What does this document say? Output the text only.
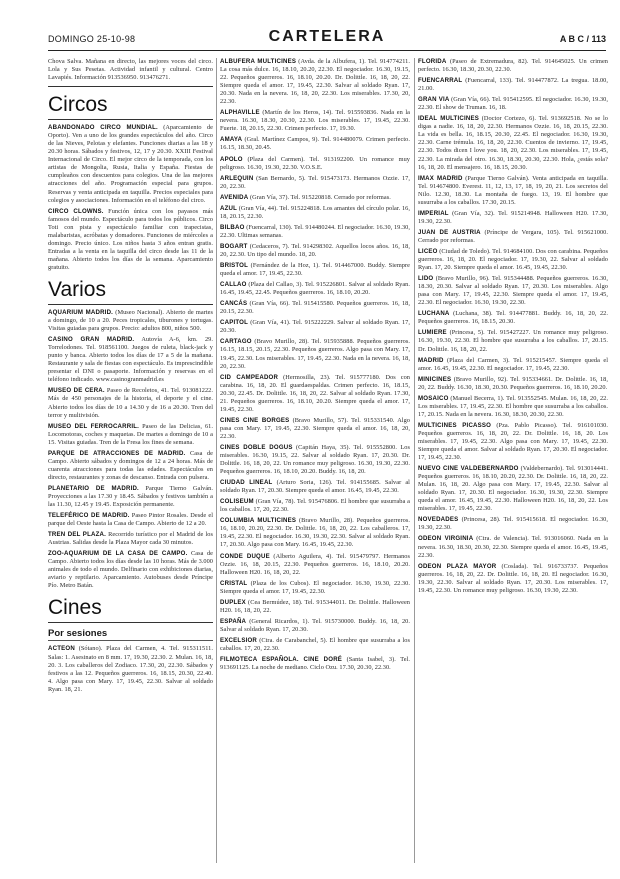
DOMINGO 25-10-98	CARTELERA	A B C / 113

Chova Salva. Mañana en directo, las mejores voces del circo. Lola y Sus Pesetas. Actividad infantil y cultural. Centro Lavapiés. Información 913536950. 913476271.

Circos

ABANDONADO CIRCO MUNDIAL. (Aparcamiento de Oporto). Ven a uno de los grandes espectáculos del año. Circo de las Nieves, Pelotas y elefantes. Funciones diarias a las 18 y 20.30 horas. Sábados y festivos, 12, 17 y 20.30. XXIII Festival Internacional de Circo. El mejor circo de la temporada, con los artistas de Mongolia, Rusia, Italia y España. Fiestas de cumpleaños con descuentos para colegios. Una de las mejores atracciones del año. Programación especial para grupos. Reservas y venta anticipada en taquilla. Precios especiales para colegios y asociaciones. Información en el teléfono del circo.

CIRCO CLOWNS. Función única con los payasos más famosos del mundo. Espectáculo para todos los públicos. Circo Toti con pista y espectáculo familiar con trapecistas, malabaristas, acróbatas y domadores. Funciones de miércoles a domingo. Precio único. Los niños hasta 3 años entran gratis. Entradas a la venta en la taquilla del circo desde las 11 de la mañana. Abierto todos los días de la semana. Aparcamiento gratuito.

Varios

AQUARIUM MADRID. (Museo Nacional). Abierto de martes a domingo, de 10 a 20. Peces tropicales, tiburones y tortugas. Visitas guiadas para grupos. Precio: adultos 800, niños 500.

CASINO GRAN MADRID. Autovía A-6, km. 29. Torrelodones. Tel. 918561100. Juegos de ruleta, black-jack y punto y banca. Abierto todos los días de 17 a 5 de la mañana. Restaurante y sala de fiestas con espectáculo. Es imprescindible presentar el DNI o pasaporte. Información y reservas en el teléfono indicado. www.casinogranmadrid.es

MUSEO DE CERA. Paseo de Recoletos, 41. Tel. 913081222. Más de 450 personajes de la historia, el deporte y el cine. Abierto todos los días de 10 a 14.30 y de 16 a 20.30. Tren del terror y multivisión.

MUSEO DEL FERROCARRIL. Paseo de las Delicias, 61. Locomotoras, coches y maquetas. De martes a domingo de 10 a 15. Visitas guiadas. Tren de la Fresa los fines de semana.

PARQUE DE ATRACCIONES DE MADRID. Casa de Campo. Abierto sábados y domingos de 12 a 24 horas. Más de cuarenta atracciones para todas las edades. Espectáculos en directo, restaurantes y zonas de descanso. Entrada con pulsera.

PLANETARIO DE MADRID. Parque Tierno Galván. Proyecciones a las 17.30 y 18.45. Sábados y festivos también a las 11.30, 12.45 y 19.45. Exposición permanente.

TELEFÉRICO DE MADRID. Paseo Pintor Rosales. Desde el parque del Oeste hasta la Casa de Campo. Abierto de 12 a 20.

TREN DEL PLAZA. Recorrido turístico por el Madrid de los Austrias. Salidas desde la Plaza Mayor cada 30 minutos.

ZOO-AQUARIUM DE LA CASA DE CAMPO. Casa de Campo. Abierto todos los días desde las 10 horas. Más de 3.000 animales de todo el mundo. Delfinario con exhibiciones diarias, aviario y reptilario. Aparcamiento. Autobuses desde Príncipe Pío. Metro Batán.

Cines
Por sesiones

ACTEON (Sótano). Plaza del Carmen, 4. Tel. 915311511. Salas: 1. Asesinato en 8 mm. 17, 19.30, 22.30. 2. Mulan. 16, 18, 20. 3. Los caballeros del Zodiaco. 17.30, 20, 22.30. Sábados y festivos a las 12. Pequeños guerreros. 16, 18.15, 20.30, 22.40. 4. Algo pasa con Mary. 17, 19.45, 22.30. Salvar al soldado Ryan. 18, 21.

ALBUFERA MULTICINES (Avda. de la Albufera, 1). Tel. 914774211. La cosa más dulce. 16, 18.10, 20.20, 22.30. El negociador. 16.30, 19.15, 22. Pequeños guerreros. 16, 18.10, 20.20. Dr. Dolittle. 16, 18, 20, 22. Siempre queda el amor. 17, 19.45, 22.30. Salvar al soldado Ryan. 17, 20.30. Nada en la nevera. 16, 18, 20, 22.30. Los miserables. 17.30, 20, 22.30.

ALPHAVILLE (Martín de los Heros, 14). Tel. 915593836. Nada en la nevera. 16.30, 18.30, 20.30, 22.30. Los miserables. 17, 19.45, 22.30. Fuerte. 18, 20.15, 22.30. Crimen perfecto. 17, 19.30.

AMAYA (Gral. Martínez Campos, 9). Tel. 914480079. Crimen perfecto. 16.15, 18.30, 20.45.

APOLO (Plaza del Carmen). Tel. 913192200. Un romance muy peligroso. 16.30, 19.30, 22.30. V.O.S.E.

ARLEQUIN (San Bernardo, 5). Tel. 915473173. Hermanos Ozzie. 17, 20, 22.30.

AVENIDA (Gran Vía, 37). Tel. 915220818. Cerrado por reformas.

AZUL (Gran Vía, 44). Tel. 915224818. Los amantes del círculo polar. 16, 18, 20.15, 22.30.

BILBAO (Fuencarral, 130). Tel. 914480244. El negociador. 16.30, 19.30, 22.30. Ultimas semanas.

BOGART (Cedaceros, 7). Tel. 914298302. Aquellos locos años. 16, 18, 20, 22.30. Un tipo del mundo. 18, 20.

BRISTOL (Fernández de la Hoz, 1). Tel. 914467000. Buddy. Siempre queda el amor. 17, 19.45, 22.30.

CALLAO (Plaza del Callao, 3). Tel. 915226801. Salvar al soldado Ryan. 16.45, 19.45, 22.45. Pequeños guerreros. 16, 18.10, 20.20.

CANCÁS (Gran Vía, 66). Tel. 915415580. Pequeños guerreros. 16, 18, 20.15, 22.30.

CAPITOL (Gran Vía, 41). Tel. 915222229. Salvar al soldado Ryan. 17, 20.30.

CARTAGO (Bravo Murillo, 28). Tel. 915935888. Pequeños guerreros. 16.15, 18.15, 20.15, 22.30. Pequeños guerreros. Algo pasa con Mary. 17, 19.45, 22.30. Los miserables. 17, 19.45, 22.30. Nada en la nevera. 16, 18, 20, 22.30.

CID CAMPEADOR (Hermosilla, 23). Tel. 915777180. Dos con carabina. 16, 18, 20. El guardaespaldas. Crimen perfecto. 16, 18.15, 20.30, 22.45. Dr. Dolittle. 16, 18, 20, 22. Salvar al soldado Ryan. 17.30, 21. Pequeños guerreros. 16, 18.10, 20.20. Siempre queda el amor. 17, 19.45, 22.30.

CINES CINE BORGES (Bravo Murillo, 57). Tel. 915331540. Algo pasa con Mary. 17, 19.45, 22.30. Siempre queda el amor. 16, 18, 20, 22.30.

CINES DOBLE DOGUS (Capitán Haya, 35). Tel. 915552800. Los miserables. 16.30, 19.15, 22. Salvar al soldado Ryan. 17, 20.30. Dr. Dolittle. 16, 18, 20, 22. Un romance muy peligroso. 16.30, 19.30, 22.30. Pequeños guerreros. 16, 18.10, 20.20. Buddy. 16, 18, 20.

CIUDAD LINEAL (Arturo Soria, 126). Tel. 914155685. Salvar al soldado Ryan. 17, 20.30. Siempre queda el amor. 16.45, 19.45, 22.30.

COLISEUM (Gran Vía, 78). Tel. 915476806. El hombre que susurraba a los caballos. 17, 20, 22.30.

COLUMBIA MULTICINES (Bravo Murillo, 28). Pequeños guerreros. 16, 18.10, 20.20, 22.30. Dr. Dolittle. 16, 18, 20, 22. Los caballeros. 17, 19.45, 22.30. El negociador. 16.30, 19.30, 22.30. Salvar al soldado Ryan. 17, 20.30. Algo pasa con Mary. 16.45, 19.45, 22.30.

CONDE DUQUE (Alberto Aguilera, 4). Tel. 915479797. Hermanos Ozzie. 16, 18, 20.15, 22.30. Pequeños guerreros. 16, 18.10, 20.20. Halloween H20. 16, 18, 20, 22.

CRISTAL (Plaza de los Cubos). El negociador. 16.30, 19.30, 22.30. Siempre queda el amor. 17, 19.45, 22.30.

DUPLEX (Cea Bermúdez, 18). Tel. 915344011. Dr. Dolittle. Halloween H20. 16, 18, 20, 22.

ESPAÑA (General Ricardos, 1). Tel. 915730000. Buddy. 16, 18, 20. Salvar al soldado Ryan. 17, 20.30.

EXCELSIOR (Ctra. de Carabanchel, 5). El hombre que susurraba a los caballos. 17, 20, 22.30.

FILMOTECA ESPAÑOLA. CINE DORÉ (Santa Isabel, 3). Tel. 913691125. La noche de mediano. Ciclo Ozu. 17.30, 20.30, 22.30.

FLORIDA (Paseo de Extremadura, 82). Tel. 914645025. Un crimen perfecto. 16.30, 18.30, 20.30, 22.30.

FUENCARRAL (Fuencarral, 133). Tel. 914477872. La tregua. 18.00, 21.00.

GRAN VIA (Gran Vía, 66). Tel. 915412595. El negociador. 16.30, 19.30, 22.30. El show de Truman. 16, 18.

IDEAL MULTICINES (Doctor Cortezo, 6). Tel. 913692518. No se lo digas a nadie. 16, 18, 20, 22.30. Hermanos Ozzie. 16, 18, 20.15, 22.30. La vida es bella. 16, 18.15, 20.30, 22.45. El negociador. 16.30, 19.30, 22.30. Carne trémula. 16, 18, 20, 22.30. Cuentos de invierno. 17, 19.45, 22.30. Todos dicen I love you. 18, 20, 22.30. Los miserables. 17, 19.45, 22.30. La mirada del otro. 16.30, 18.30, 20.30, 22.30. Hola, ¿estás sola? 16, 18, 20. El mensajero. 16, 18.15, 20.30.

IMAX MADRID (Parque Tierno Galván). Venta anticipada en taquilla. Tel. 914674800. Everest. 11, 12, 13, 17, 18, 19, 20, 21. Los secretos del Nilo. 12.30, 18.30. La montaña de fuego. 13, 19. El hombre que susurraba a los caballos. 17.30, 20.15.

IMPERIAL (Gran Vía, 32). Tel. 915214948. Halloween H20. 17.30, 19.30, 22.30.

JUAN DE AUSTRIA (Príncipe de Vergara, 105). Tel. 915621000. Cerrado por reformas.

LICEO (Ciudad de Toledo). Tel. 914684100. Dos con carabina. Pequeños guerreros. 16, 18, 20. El negociador. 17, 19.30, 22. Salvar al soldado Ryan. 17, 20. Siempre queda el amor. 16.45, 19.45, 22.30.

LIDO (Bravo Murillo, 96). Tel. 915344488. Pequeños guerreros. 16.30, 18.30, 20.30. Salvar al soldado Ryan. 17, 20.30. Los miserables. Algo pasa con Mary. 17, 19.45, 22.30. Siempre queda el amor. 17, 19.45, 22.30. El negociador. 16.30, 19.30, 22.30.

LUCHANA (Luchana, 38). Tel. 914477881. Buddy. 16, 18, 20, 22. Pequeños guerreros. 16, 18.15, 20.30.

LUMIERE (Princesa, 5). Tel. 915427227. Un romance muy peligroso. 16.30, 19.30, 22.30. El hombre que susurraba a los caballos. 17, 20.15. Dr. Dolittle. 16, 18, 20, 22.

MADRID (Plaza del Carmen, 3). Tel. 915215457. Siempre queda el amor. 16.45, 19.45, 22.30. El negociador. 17, 19.45, 22.30.

MINICINES (Bravo Murillo, 92). Tel. 915334661. Dr. Dolittle. 16, 18, 20, 22. Buddy. 16.30, 18.30, 20.30. Pequeños guerreros. 16, 18.10, 20.20.

MOSAICO (Manuel Becerra, 1). Tel. 913552545. Mulan. 16, 18, 20, 22. Los miserables. 17, 19.45, 22.30. El hombre que susurraba a los caballos. 17, 20.15. Nada en la nevera. 16.30, 18.30, 20.30, 22.30.

MULTICINES PICASSO (Pza. Pablo Picasso). Tel. 916101030. Pequeños guerreros. 16, 18, 20, 22. Dr. Dolittle. 16, 18, 20. Los miserables. 17, 19.45, 22.30. Algo pasa con Mary. 17, 19.45, 22.30. Siempre queda el amor. Salvar al soldado Ryan. 17, 20.30. El negociador. 17, 19.45, 22.30.

NUEVO CINE VALDEBERNARDO (Valdebernardo). Tel. 913014441. Pequeños guerreros. 16, 18.10, 20.20, 22.30. Dr. Dolittle. 16, 18, 20, 22. Mulan. 16, 18, 20. Algo pasa con Mary. 17, 19.45, 22.30. Salvar al soldado Ryan. 17, 20.30. El negociador. 16.30, 19.30, 22.30. Siempre queda el amor. 16.45, 19.45, 22.30. Halloween H20. 16, 18, 20, 22. Los miserables. 17, 19.45, 22.30.

NOVEDADES (Princesa, 28). Tel. 915415618. El negociador. 16.30, 19.30, 22.30.

ODEON VIRGINIA (Ctra. de Valencia). Tel. 913016060. Nada en la nevera. 16.30, 18.30, 20.30, 22.30. Siempre queda el amor. 16.45, 19.45, 22.30.

ODEON PLAZA MAYOR (Coslada). Tel. 916733737. Pequeños guerreros. 16, 18, 20, 22. Dr. Dolittle. 16, 18, 20. El negociador. 16.30, 19.30, 22.30. Salvar al soldado Ryan. 17, 20.30. Los miserables. 17, 19.45, 22.30. Un romance muy peligroso. 16.30, 19.30, 22.30.
